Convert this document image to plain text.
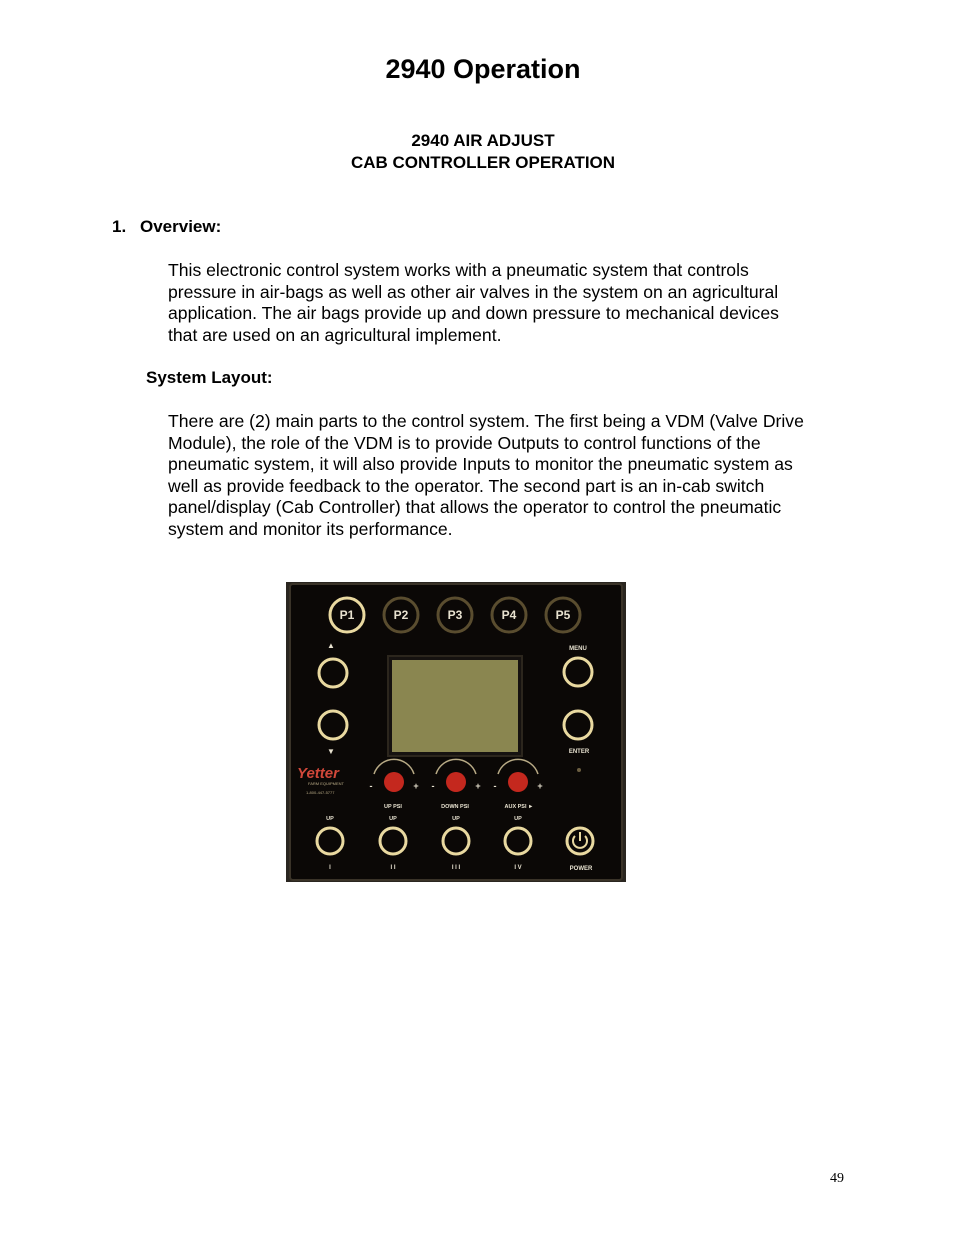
2940 Operation
2940 AIR ADJUST
CAB CONTROLLER OPERATION
1. Overview:
This electronic control system works with a pneumatic system that controls
pressure in air-bags as well as other air valves in the system on an agricultural
application. The air bags provide up and down pressure to mechanical devices
that are used on an agricultural implement.
System Layout:
There are (2) main parts to the control system. The first being a VDM (Valve Drive
Module), the role of the VDM is to provide Outputs to control functions of the
pneumatic system, it will also provide Inputs to monitor the pneumatic system as
well as provide feedback to the operator. The second part is an in-cab switch
panel/display (Cab Controller) that allows the operator to control the pneumatic
system and monitor its performance.
P1	P2	P3	P4	P5
▲
▼
MENU
ENTER
Yetter
FARM EQUIPMENT
1-800-447-5777
-	+
UP PSI
-	+
DOWN PSI
-	+
AUX PSI ►
UP
I
UP
I I
UP
I I I
UP
I V	POWER
49
